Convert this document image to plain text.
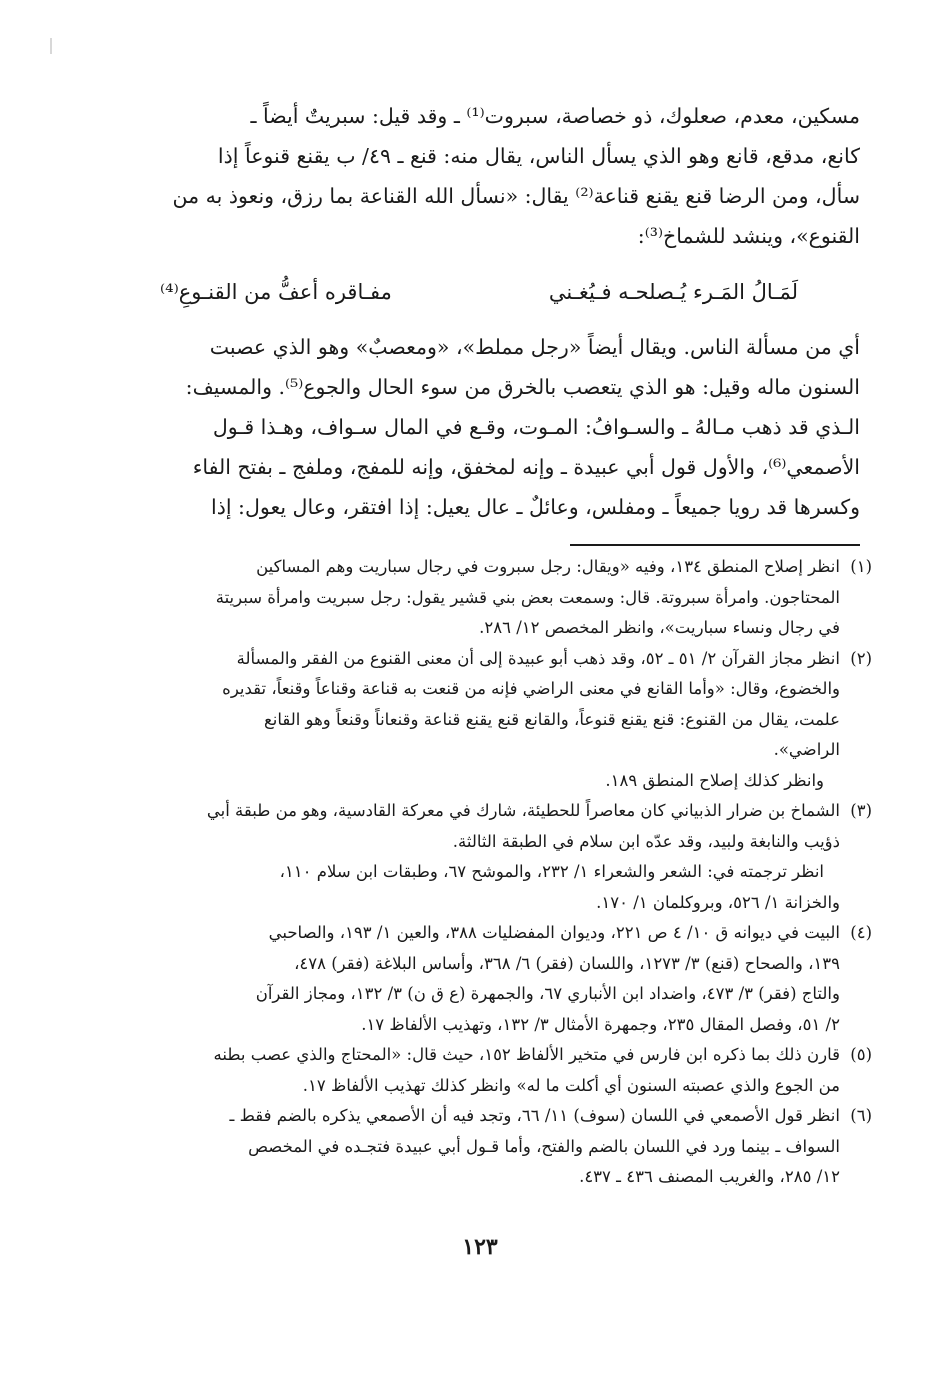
مسكين، معدم، صعلوك، ذو خصاصة، سبروت⁽¹⁾ ـ وقد قيل: سبريتٌ أيضاً ـ
كانع، مدقع، قانع وهو الذي يسأل الناس، يقال منه: قنع ـ ٤٩/ ب يقنع قنوعاً إذا
سأل، ومن الرضا قنع يقنع قناعة⁽²⁾ يقال: «نسأل الله القناعة بما رزق، ونعوذ به من
القنوع»، وينشد للشماخ⁽³⁾:
لَمَـالُ المَـرء يُـصلحـه فـيُغـني
مفـاقره أعفُّ من القنـوعِ⁽⁴⁾
أي من مسألة الناس. ويقال أيضاً «رجل مملط»، «ومعصبٌ» وهو الذي عصبت
السنون ماله وقيل: هو الذي يتعصب بالخرق من سوء الحال والجوع⁽⁵⁾. والمسيف:
الـذي قد ذهب مـالهُ ـ والسـوافُ: المـوت، وقـع في المال سـواف، وهـذا قـول
الأصمعي⁽⁶⁾، والأول قول أبي عبيدة ـ وإنه لمخفق، وإنه للمفج، وملفج ـ بفتح الفاء
وكسرها قد رويا جميعاً ـ ومفلس، وعائلٌ ـ عال يعيل: إذا افتقر، وعال يعول: إذا
(١)
انظر إصلاح المنطق ١٣٤، وفيه «ويقال: رجل سبروت في رجال سباريت وهم المساكين
المحتاجون. وامرأة سبروتة. قال: وسمعت بعض بني قشير يقول: رجل سبريت وامرأة سبريتة
في رجال ونساء سباريت»، وانظر المخصص ١٢/ ٢٨٦.
(٢)
انظر مجاز القرآن ٢/ ٥١ ـ ٥٢، وقد ذهب أبو عبيدة إلى أن معنى القنوع من الفقر والمسألة
والخضوع، وقال: «وأما القانع في معنى الراضي فإنه من قنعت به قناعة وقناعاً وقنعاً، تقديره
علمت، يقال من القنوع: قنع يقنع قنوعاً، والقانع قنع يقنع قناعة وقنعاناً وقنعاً وهو القانع
الراضي».
وانظر كذلك إصلاح المنطق ١٨٩.
(٣)
الشماخ بن ضرار الذبياني كان معاصراً للحطيئة، شارك في معركة القادسية، وهو من طبقة أبي
ذؤيب والنابغة ولبيد، وقد عدّه ابن سلام في الطبقة الثالثة.
انظر ترجمته في: الشعر والشعراء ١/ ٢٣٢، والموشح ٦٧، وطبقات ابن سلام ١١٠،
والخزانة ١/ ٥٢٦، وبروكلمان ١/ ١٧٠.
(٤)
البيت في ديوانه ق ١٠/ ٤ ص ٢٢١، وديوان المفضليات ٣٨٨، والعين ١/ ١٩٣، والصاحبي
١٣٩، والصحاح (قنع) ٣/ ١٢٧٣، واللسان (فقر) ٦/ ٣٦٨، وأساس البلاغة (فقر) ٤٧٨،
والتاج (فقر) ٣/ ٤٧٣، واضداد ابن الأنباري ٦٧، والجمهرة (ع ق ن) ٣/ ١٣٢، ومجاز القرآن
٢/ ٥١، وفصل المقال ٢٣٥، وجمهرة الأمثال ٣/ ١٣٢، وتهذيب الألفاظ ١٧.
(٥)
قارن ذلك بما ذكره ابن فارس في متخير الألفاظ ١٥٢، حيث قال: «المحتاج والذي عصب بطنه
من الجوع والذي عصبته السنون أي أكلت ما له» وانظر كذلك تهذيب الألفاظ ١٧.
(٦)
انظر قول الأصمعي في اللسان (سوف) ١١/ ٦٦، وتجد فيه أن الأصمعي يذكره بالضم فقط ـ
السواف ـ بينما ورد في اللسان بالضم والفتح، وأما قـول أبي عبيدة فتجـده في المخصص
١٢/ ٢٨٥، والغريب المصنف ٤٣٦ ـ ٤٣٧.
١٢٣
